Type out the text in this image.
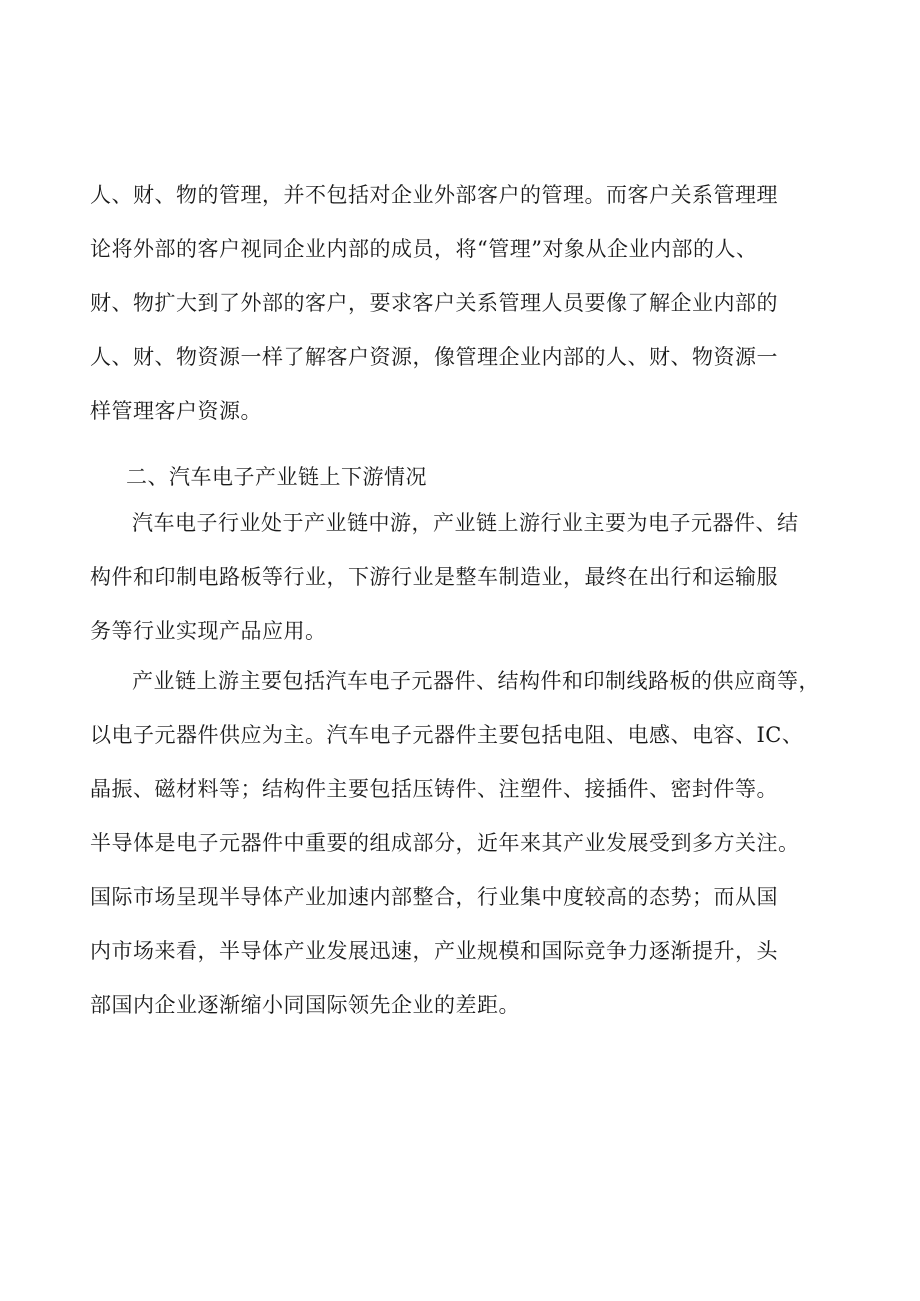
人、财、物的管理，并不包括对企业外部客户的管理。而客户关系管理理
论将外部的客户视同企业内部的成员，将“管理”对象从企业内部的人、
财、物扩大到了外部的客户，要求客户关系管理人员要像了解企业内部的
人、财、物资源一样了解客户资源，像管理企业内部的人、财、物资源一
样管理客户资源。
二、汽车电子产业链上下游情况
汽车电子行业处于产业链中游，产业链上游行业主要为电子元器件、结
构件和印制电路板等行业，下游行业是整车制造业，最终在出行和运输服
务等行业实现产品应用。
产业链上游主要包括汽车电子元器件、结构件和印制线路板的供应商等，
以电子元器件供应为主。汽车电子元器件主要包括电阻、电感、电容、IC、
晶振、磁材料等；结构件主要包括压铸件、注塑件、接插件、密封件等。
半导体是电子元器件中重要的组成部分，近年来其产业发展受到多方关注。
国际市场呈现半导体产业加速内部整合，行业集中度较高的态势；而从国
内市场来看，半导体产业发展迅速，产业规模和国际竞争力逐渐提升，头
部国内企业逐渐缩小同国际领先企业的差距。
